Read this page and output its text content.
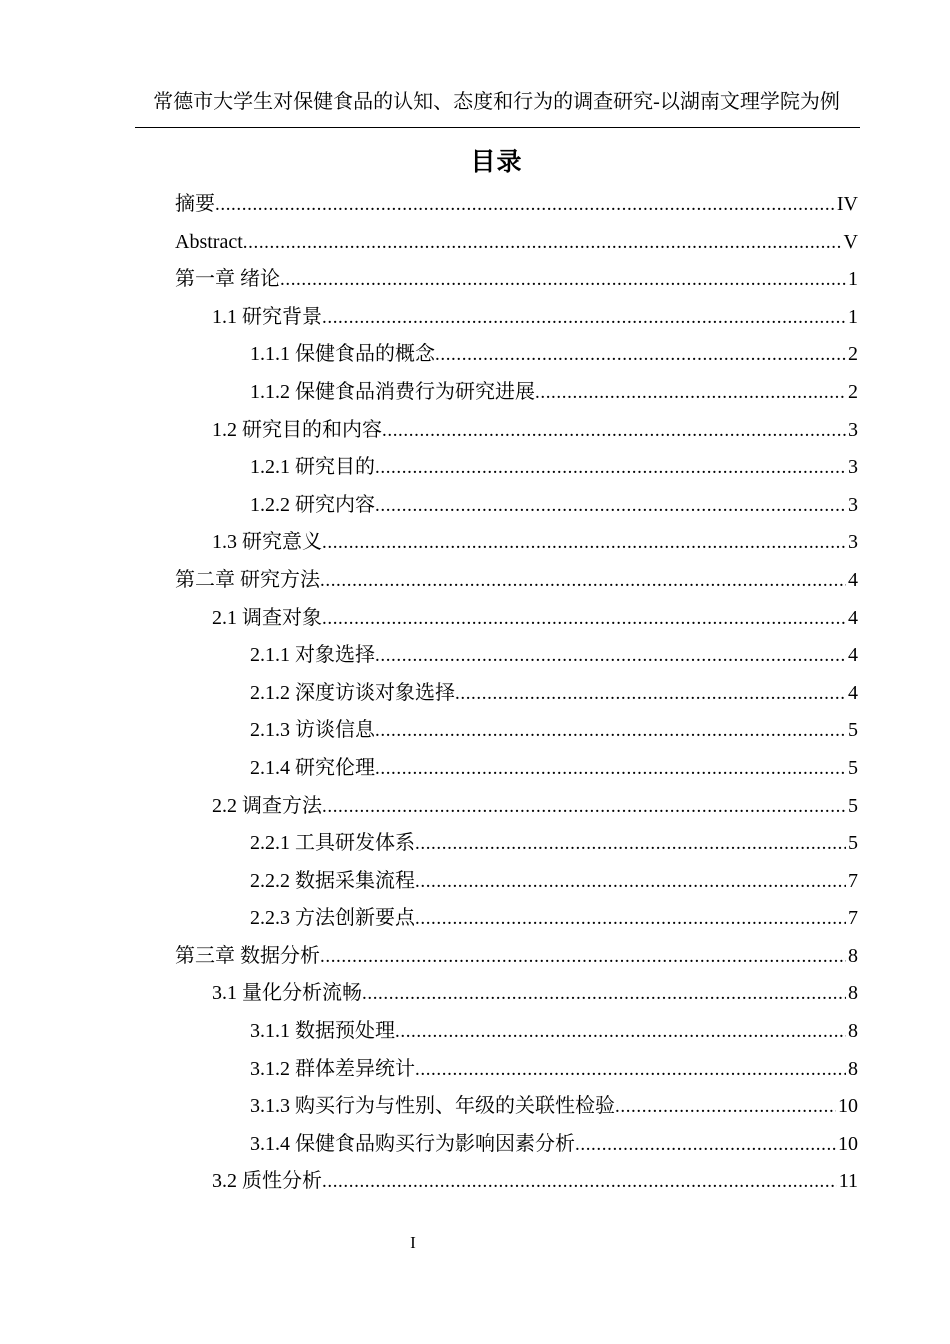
常德市大学生对保健食品的认知、态度和行为的调查研究-以湖南文理学院为例
目录
摘要 .....	IV
Abstract .....	V
第一章 绪论 .....	1
1.1 研究背景 .....	1
1.1.1 保健食品的概念 .....	2
1.1.2 保健食品消费行为研究进展 .....	2
1.2 研究目的和内容 .....	3
1.2.1 研究目的 .....	3
1.2.2 研究内容 .....	3
1.3 研究意义 .....	3
第二章 研究方法 .....	4
2.1 调查对象 .....	4
2.1.1 对象选择 .....	4
2.1.2 深度访谈对象选择 .....	4
2.1.3 访谈信息 .....	5
2.1.4 研究伦理 .....	5
2.2 调查方法 .....	5
2.2.1 工具研发体系 .....	5
2.2.2 数据采集流程 .....	7
2.2.3 方法创新要点 .....	7
第三章 数据分析 .....	8
3.1 量化分析流畅 .....	8
3.1.1 数据预处理 .....	8
3.1.2 群体差异统计 .....	8
3.1.3 购买行为与性别、年级的关联性检验 .....	10
3.1.4 保健食品购买行为影响因素分析 .....	10
3.2 质性分析 .....	11
I
